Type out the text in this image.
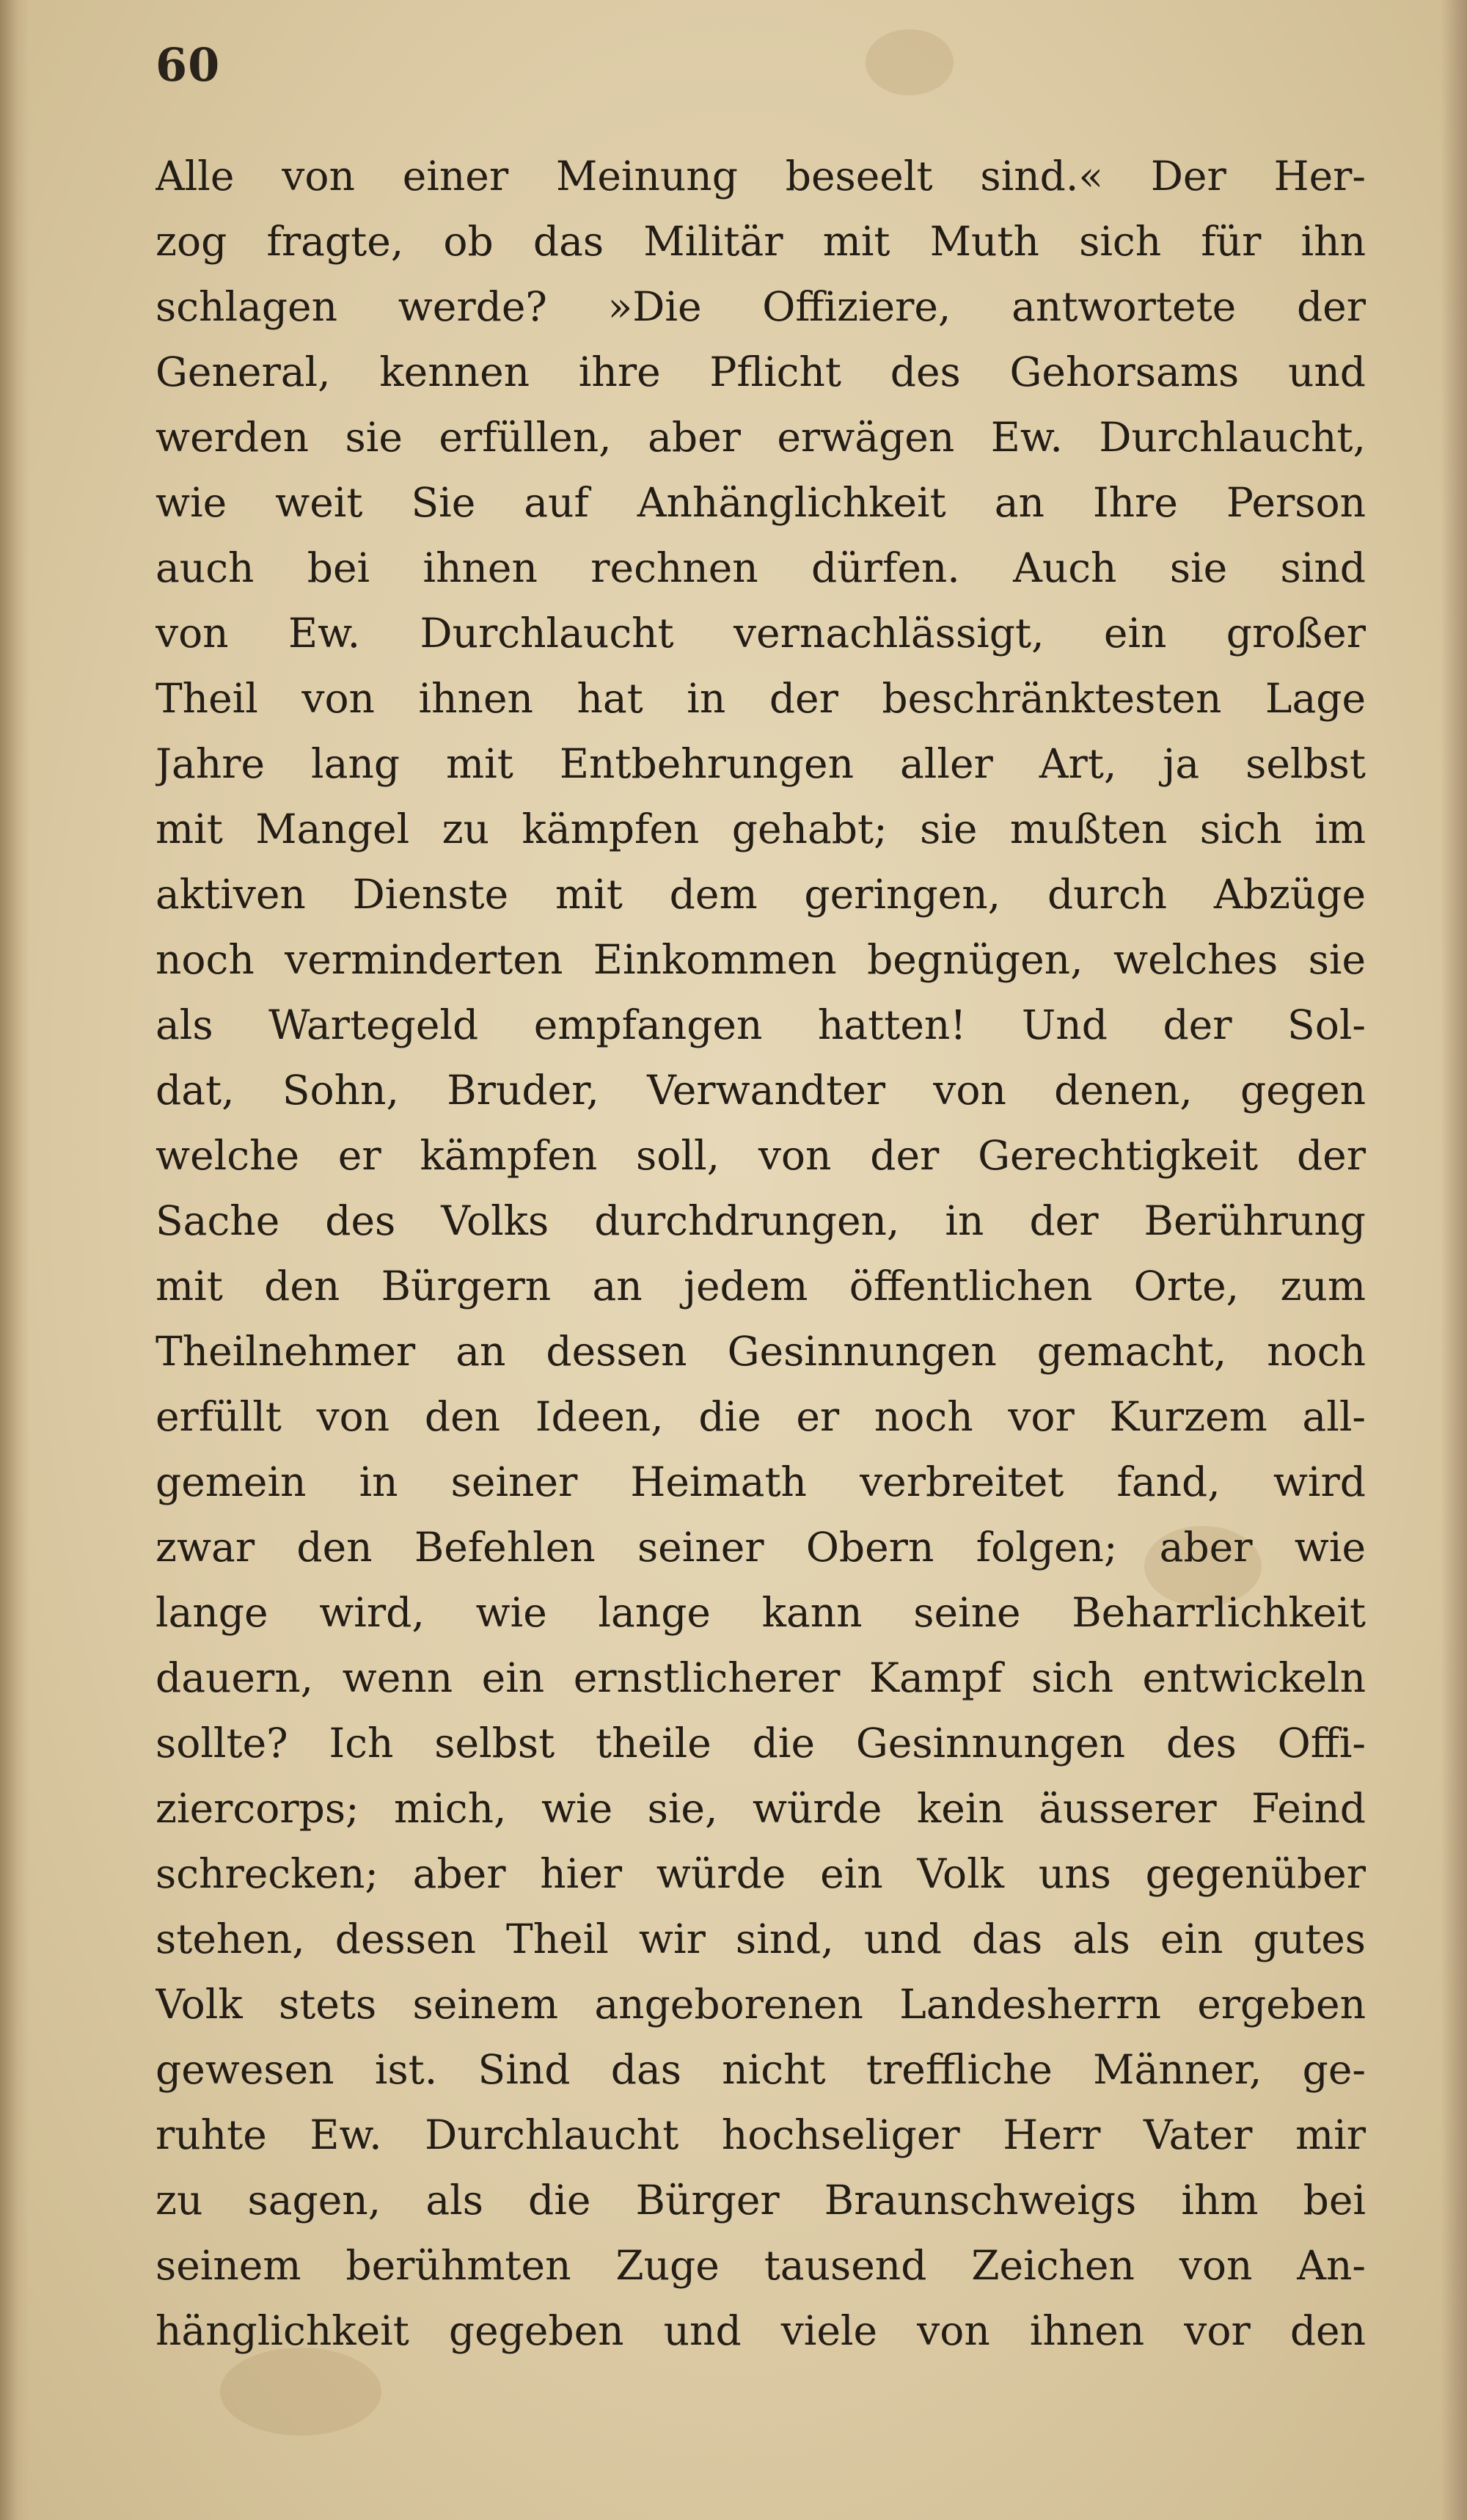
60
Alle von einer Meinung beseelt sind.« Der Her-
zog fragte, ob das Militär mit Muth sich für ihn
schlagen werde? »Die Offiziere, antwortete der
General, kennen ihre Pflicht des Gehorsams und
werden sie erfüllen, aber erwägen Ew. Durchlaucht,
wie weit Sie auf Anhänglichkeit an Ihre Person
auch bei ihnen rechnen dürfen. Auch sie sind
von Ew. Durchlaucht vernachlässigt, ein großer
Theil von ihnen hat in der beschränktesten Lage
Jahre lang mit Entbehrungen aller Art, ja selbst
mit Mangel zu kämpfen gehabt; sie mußten sich im
aktiven Dienste mit dem geringen, durch Abzüge
noch verminderten Einkommen begnügen, welches sie
als Wartegeld empfangen hatten! Und der Sol-
dat, Sohn, Bruder, Verwandter von denen, gegen
welche er kämpfen soll, von der Gerechtigkeit der
Sache des Volks durchdrungen, in der Berührung
mit den Bürgern an jedem öffentlichen Orte, zum
Theilnehmer an dessen Gesinnungen gemacht, noch
erfüllt von den Ideen, die er noch vor Kurzem all-
gemein in seiner Heimath verbreitet fand, wird
zwar den Befehlen seiner Obern folgen; aber wie
lange wird, wie lange kann seine Beharrlichkeit
dauern, wenn ein ernstlicherer Kampf sich entwickeln
sollte? Ich selbst theile die Gesinnungen des Offi-
ziercorps; mich, wie sie, würde kein äusserer Feind
schrecken; aber hier würde ein Volk uns gegenüber
stehen, dessen Theil wir sind, und das als ein gutes
Volk stets seinem angeborenen Landesherrn ergeben
gewesen ist. Sind das nicht treffliche Männer, ge-
ruhte Ew. Durchlaucht hochseliger Herr Vater mir
zu sagen, als die Bürger Braunschweigs ihm bei
seinem berühmten Zuge tausend Zeichen von An-
hänglichkeit gegeben und viele von ihnen vor den
